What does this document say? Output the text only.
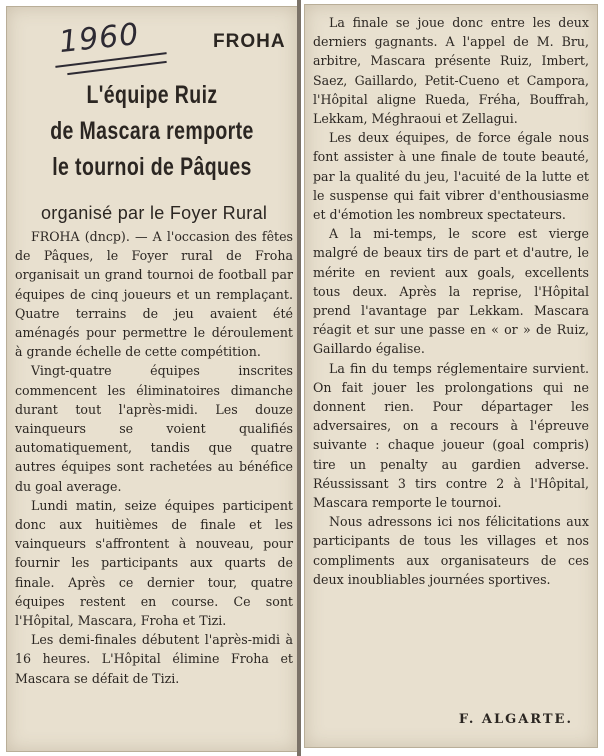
1960	FROHA
L'équipe Ruiz
de Mascara remporte
le tournoi de Pâques
organisé par le Foyer Rural

FROHA (dncp). — A l'occasion des fêtes de Pâques, le Foyer rural de Froha organisait un grand tournoi de football par équipes de cinq joueurs et un remplaçant. Quatre terrains de jeu avaient été aménagés pour permettre le déroulement à grande échelle de cette compétition.

Vingt-quatre équipes inscrites commencent les éliminatoires dimanche durant tout l'après-midi. Les douze vainqueurs se voient qualifiés automatiquement, tandis que quatre autres équipes sont rachetées au bénéfice du goal average.

Lundi matin, seize équipes participent donc aux huitièmes de finale et les vainqueurs s'affrontent à nouveau, pour fournir les participants aux quarts de finale. Après ce dernier tour, quatre équipes restent en course. Ce sont l'Hôpital, Mascara, Froha et Tizi.

Les demi-finales débutent l'après-midi à 16 heures. L'Hôpital élimine Froha et Mascara se défait de Tizi.

La finale se joue donc entre les deux derniers gagnants. A l'appel de M. Bru, arbitre, Mascara présente Ruiz, Imbert, Saez, Gaillardo, Petit-Cueno et Campora, l'Hôpital aligne Rueda, Fréha, Bouffrah, Lekkam, Méghraoui et Zellagui.

Les deux équipes, de force égale nous font assister à une finale de toute beauté, par la qualité du jeu, l'acuité de la lutte et le suspense qui fait vibrer d'enthousiasme et d'émotion les nombreux spectateurs.

A la mi-temps, le score est vierge malgré de beaux tirs de part et d'autre, le mérite en revient aux goals, excellents tous deux. Après la reprise, l'Hôpital prend l'avantage par Lekkam. Mascara réagit et sur une passe en « or » de Ruiz, Gaillardo égalise.

La fin du temps réglementaire survient. On fait jouer les prolongations qui ne donnent rien. Pour départager les adversaires, on a recours à l'épreuve suivante : chaque joueur (goal compris) tire un penalty au gardien adverse. Réussissant 3 tirs contre 2 à l'Hôpital, Mascara remporte le tournoi.

Nous adressons ici nos félicitations aux participants de tous les villages et nos compliments aux organisateurs de ces deux inoubliables journées sportives.

F. ALGARTE.
